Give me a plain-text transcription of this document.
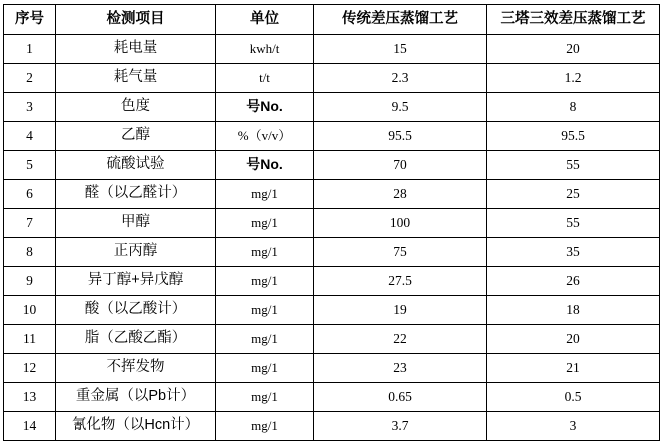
序号	检测项目	单位	传统差压蒸馏工艺	三塔三效差压蒸馏工艺
1	耗电量	kwh/t	15	20
2	耗气量	t/t	2.3	1.2
3	色度	号No.	9.5	8
4	乙醇	%（v/v）	95.5	95.5
5	硫酸试验	号No.	70	55
6	醛（以乙醛计）	mg/1	28	25
7	甲醇	mg/1	100	55
8	正丙醇	mg/1	75	35
9	异丁醇+异戊醇	mg/1	27.5	26
10	酸（以乙酸计）	mg/1	19	18
11	脂（乙酸乙酯）	mg/1	22	20
12	不挥发物	mg/1	23	21
13	重金属（以Pb计）	mg/1	0.65	0.5
14	氰化物（以Hcn计）	mg/1	3.7	3
